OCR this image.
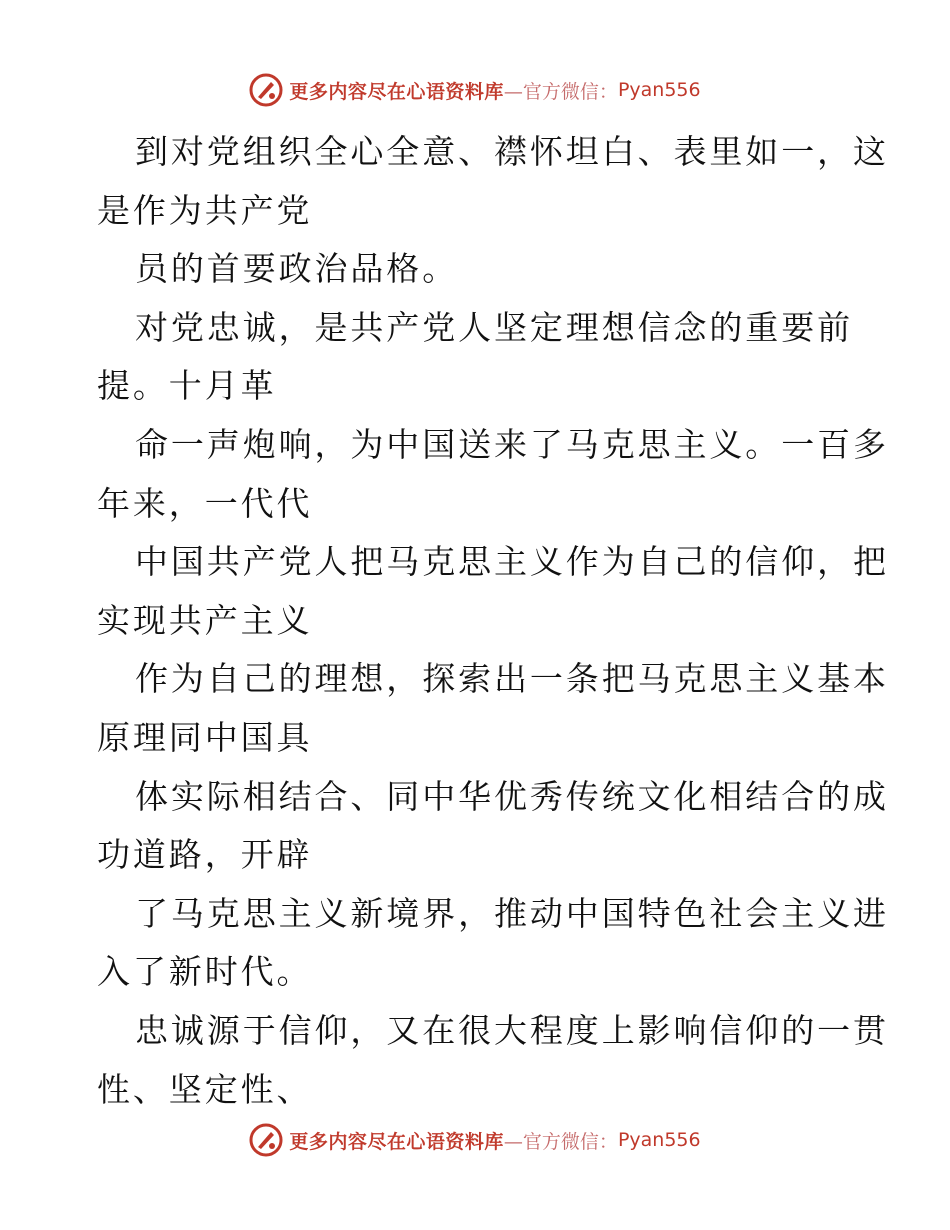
更多内容尽在心语资料库 —官方微信： Pyan556
到对党组织全心全意、襟怀坦白、表里如一，这
是作为共产党
员的首要政治品格。
对党忠诚，是共产党人坚定理想信念的重要前
提。十月革
命一声炮响，为中国送来了马克思主义。一百多
年来，一代代
中国共产党人把马克思主义作为自己的信仰，把
实现共产主义
作为自己的理想，探索出一条把马克思主义基本
原理同中国具
体实际相结合、同中华优秀传统文化相结合的成
功道路，开辟
了马克思主义新境界，推动中国特色社会主义进
入了新时代。
忠诚源于信仰，又在很大程度上影响信仰的一贯
性、坚定性、
更多内容尽在心语资料库 —官方微信： Pyan556
